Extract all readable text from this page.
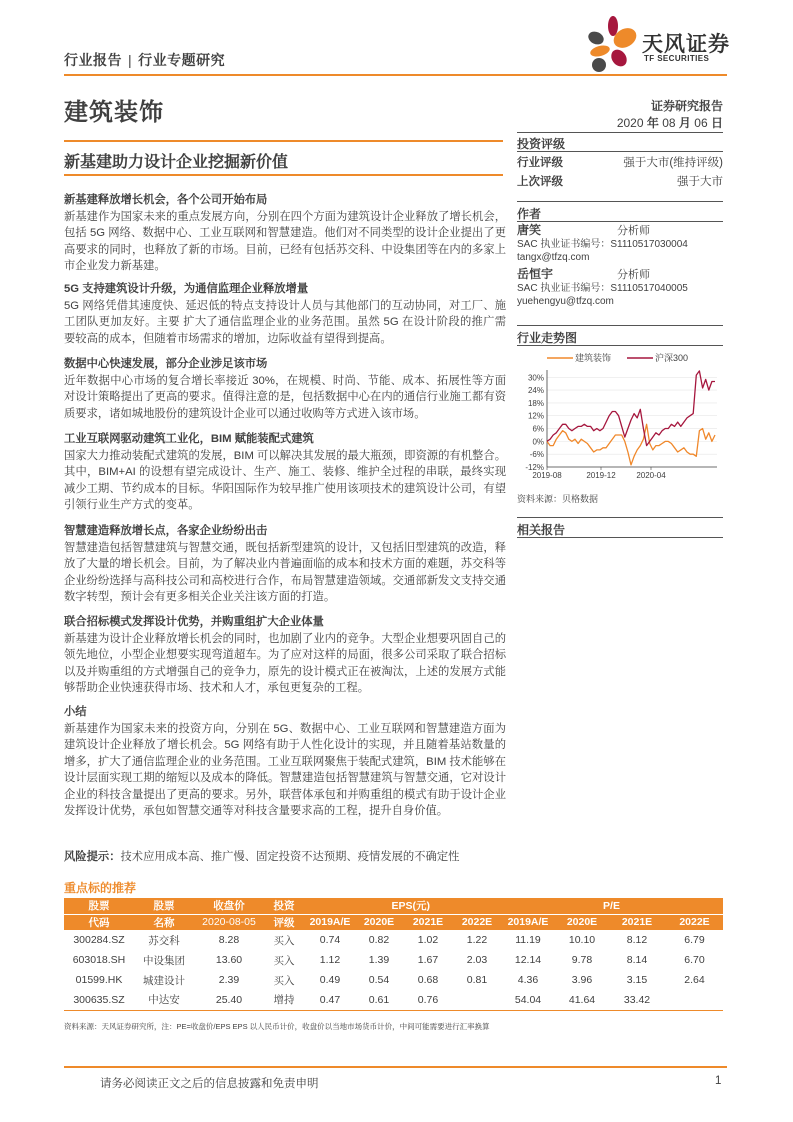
行业报告 | 行业专题研究
建筑装饰
新基建助力设计企业挖掘新价值
天风证券
TF SECURITIES
证券研究报告
2020 年 08 月 06 日
投资评级
行业评级	强于大市(维持评级)
上次评级	强于大市
作者
唐笑	分析师
SAC 执业证书编号：S1110517030004
tangx@tfzq.com
岳恒宇	分析师
SAC 执业证书编号：S1110517040005
yuehengyu@tfzq.com
行业走势图
30%
24%
18%
12%
6%
0%
-6%
-12%
2019-08	2019-12	2020-04
建筑装饰	沪深300
资料来源：贝格数据
相关报告
新基建释放增长机会，各个公司开始布局

新基建作为国家未来的重点发展方向，分别在四个方面为建筑设计企业释放了增长机会，包括 5G 网络、数据中心、工业互联网和智慧建造。他们对不同类型的设计企业提出了更高要求的同时，也释放了新的市场。目前，已经有包括苏交科、中设集团等在内的多家上市企业发力新基建。

5G 支持建筑设计升级，为通信监理企业释放增量

5G 网络凭借其速度快、延迟低的特点支持设计人员与其他部门的互动协同，对工厂、施工团队更加友好。主要 扩大了通信监理企业的业务范围。虽然 5G 在设计阶段的推广需要较高的成本，但随着市场需求的增加，边际收益有望得到提高。

数据中心快速发展，部分企业涉足该市场

近年数据中心市场的复合增长率接近 30%，在规模、时尚、节能、成本、拓展性等方面对设计策略提出了更高的要求。值得注意的是，包括数据中心在内的通信行业施工都有资质要求，诸如城地股份的建筑设计企业可以通过收购等方式进入该市场。

工业互联网驱动建筑工业化，BIM 赋能装配式建筑

国家大力推动装配式建筑的发展，BIM 可以解决其发展的最大瓶颈，即资源的有机整合。其中，BIM+AI 的设想有望完成设计、生产、施工、装修、维护全过程的串联，最终实现减少工期、节约成本的目标。华阳国际作为较早推广使用该项技术的建筑设计公司，有望引领行业生产方式的变革。

智慧建造释放增长点，各家企业纷纷出击

智慧建造包括智慧建筑与智慧交通，既包括新型建筑的设计，又包括旧型建筑的改造，释放了大量的增长机会。目前，为了解决业内普遍面临的成本和技术方面的难题，苏交科等企业纷纷选择与高科技公司和高校进行合作，布局智慧建造领域。交通部新发文支持交通数字转型，预计会有更多相关企业关注该方面的打造。

联合招标模式发挥设计优势，并购重组扩大企业体量

新基建为设计企业释放增长机会的同时，也加剧了业内的竞争。大型企业想要巩固自己的领先地位，小型企业想要实现弯道超车。为了应对这样的局面，很多公司采取了联合招标以及并购重组的方式增强自己的竞争力，原先的设计模式正在被淘汰，上述的发展方式能够帮助企业快速获得市场、技术和人才，承包更复杂的工程。

小结

新基建作为国家未来的投资方向，分别在 5G、数据中心、工业互联网和智慧建造方面为建筑设计企业释放了增长机会。5G 网络有助于人性化设计的实现，并且随着基站数量的增多，扩大了通信监理企业的业务范围。工业互联网聚焦于装配式建筑，BIM 技术能够在设计层面实现工期的缩短以及成本的降低。智慧建造包括智慧建筑与智慧交通，它对设计企业的科技含量提出了更高的要求。另外，联营体承包和并购重组的模式有助于设计企业发挥设计优势，承包如智慧交通等对科技含量要求高的工程，提升自身价值。

风险提示：技术应用成本高、推广慢、固定投资不达预期、疫情发展的不确定性
重点标的推荐
股票	股票	收盘价	投资	EPS(元)				P/E			
代码	名称	2020-08-05	评级	2019A/E	2020E	2021E	2022E	2019A/E	2020E	2021E	2022E
300284.SZ	苏交科	8.28	买入	0.74	0.82	1.02	1.22	11.19	10.10	8.12	6.79
603018.SH	中设集团	13.60	买入	1.12	1.39	1.67	2.03	12.14	9.78	8.14	6.70
01599.HK	城建设计	2.39	买入	0.49	0.54	0.68	0.81	4.36	3.96	3.15	2.64
300635.SZ	中达安	25.40	增持	0.47	0.61	0.76		54.04	41.64	33.42	
资料来源：天风证券研究所，注：PE=收盘价/EPS EPS 以人民币计价，收盘价以当地市场货币计价，中间可能需要进行汇率换算
请务必阅读正文之后的信息披露和免责申明	1
